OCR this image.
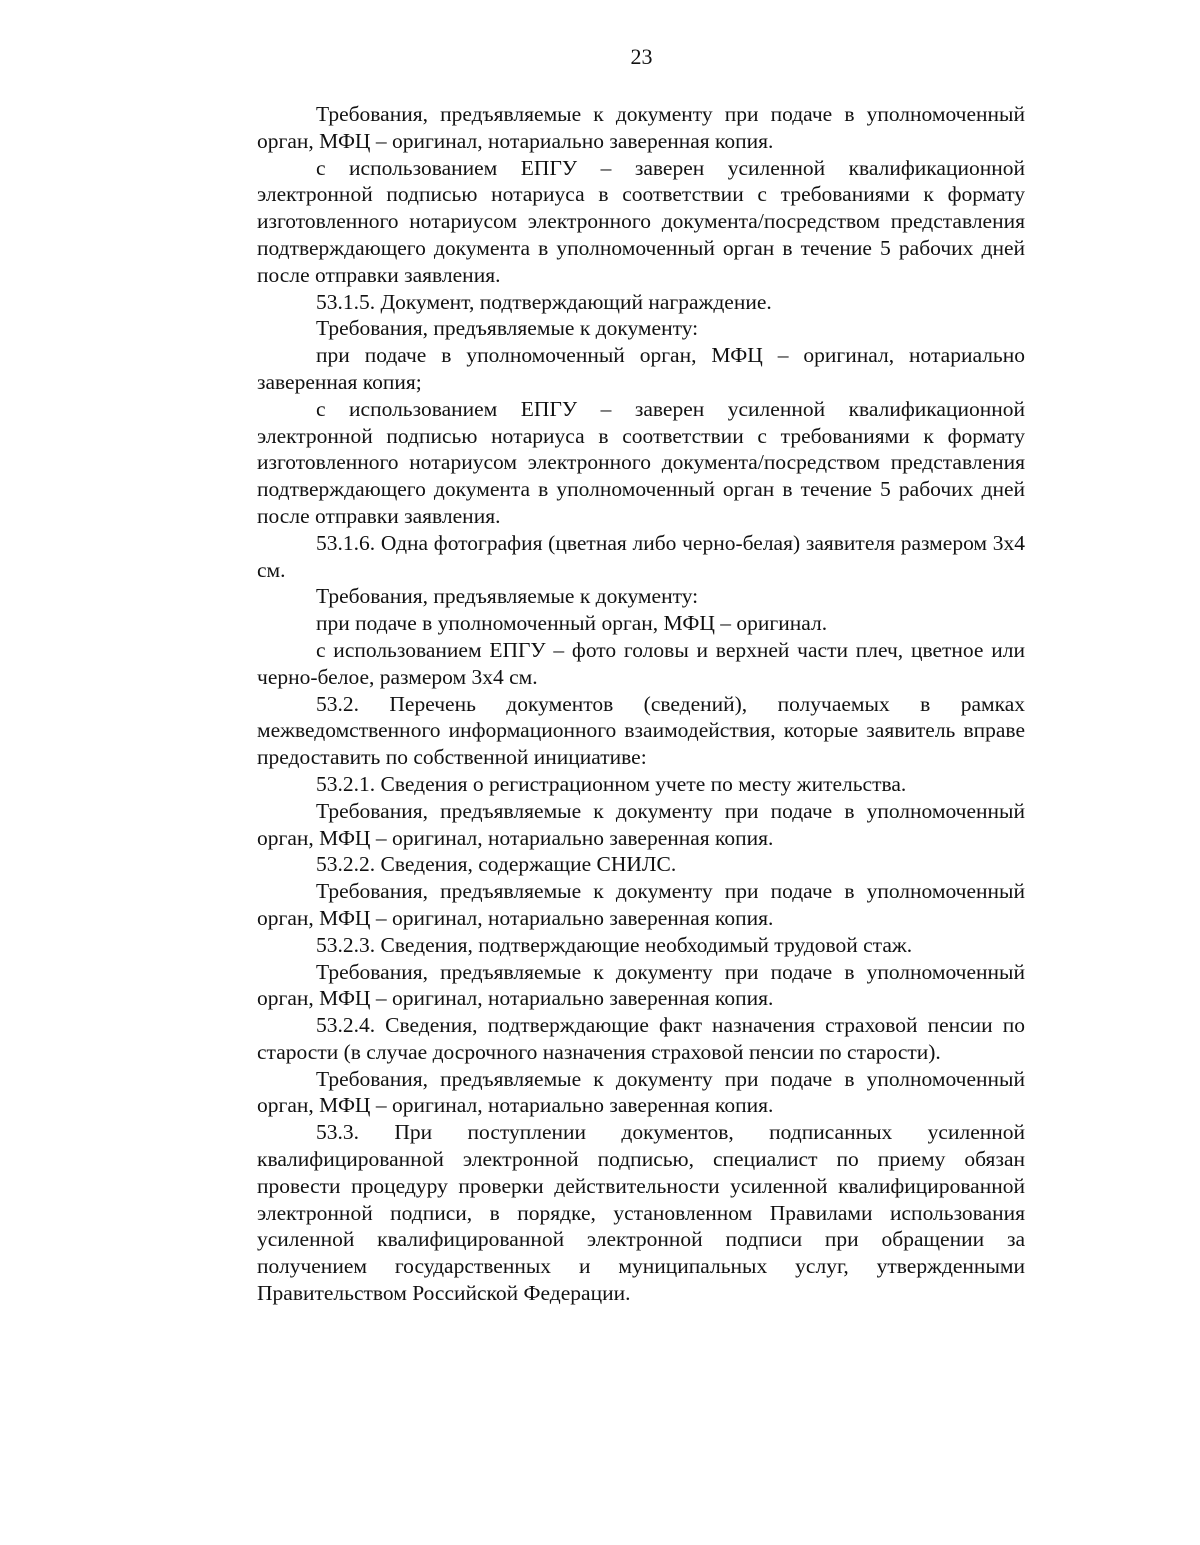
23

Требования, предъявляемые к документу при подаче в уполномоченный орган, МФЦ – оригинал, нотариально заверенная копия.

с использованием ЕПГУ – заверен усиленной квалификационной электронной подписью нотариуса в соответствии с требованиями к формату изготовленного нотариусом электронного документа/посредством представления подтверждающего документа в уполномоченный орган в течение 5 рабочих дней после отправки заявления.

53.1.5. Документ, подтверждающий награждение.

Требования, предъявляемые к документу:

при подаче в уполномоченный орган, МФЦ – оригинал, нотариально заверенная копия;

с использованием ЕПГУ – заверен усиленной квалификационной электронной подписью нотариуса в соответствии с требованиями к формату изготовленного нотариусом электронного документа/посредством представления подтверждающего документа в уполномоченный орган в течение 5 рабочих дней после отправки заявления.

53.1.6. Одна фотография (цветная либо черно-белая) заявителя размером 3х4 см.

Требования, предъявляемые к документу:

при подаче в уполномоченный орган, МФЦ – оригинал.

с использованием ЕПГУ – фото головы и верхней части плеч, цветное или черно-белое, размером 3х4 см.

53.2. Перечень документов (сведений), получаемых в рамках межведомственного информационного взаимодействия, которые заявитель вправе предоставить по собственной инициативе:

53.2.1. Сведения о регистрационном учете по месту жительства.

Требования, предъявляемые к документу при подаче в уполномоченный орган, МФЦ – оригинал, нотариально заверенная копия.

53.2.2. Сведения, содержащие СНИЛС.

Требования, предъявляемые к документу при подаче в уполномоченный орган, МФЦ – оригинал, нотариально заверенная копия.

53.2.3. Сведения, подтверждающие необходимый трудовой стаж.

Требования, предъявляемые к документу при подаче в уполномоченный орган, МФЦ – оригинал, нотариально заверенная копия.

53.2.4. Сведения, подтверждающие факт назначения страховой пенсии по старости (в случае досрочного назначения страховой пенсии по старости).

Требования, предъявляемые к документу при подаче в уполномоченный орган, МФЦ – оригинал, нотариально заверенная копия.

53.3. При поступлении документов, подписанных усиленной квалифицированной электронной подписью, специалист по приему обязан провести процедуру проверки действительности усиленной квалифицированной электронной подписи, в порядке, установленном Правилами использования усиленной квалифицированной электронной подписи при обращении за получением государственных и муниципальных услуг, утвержденными Правительством Российской Федерации.
